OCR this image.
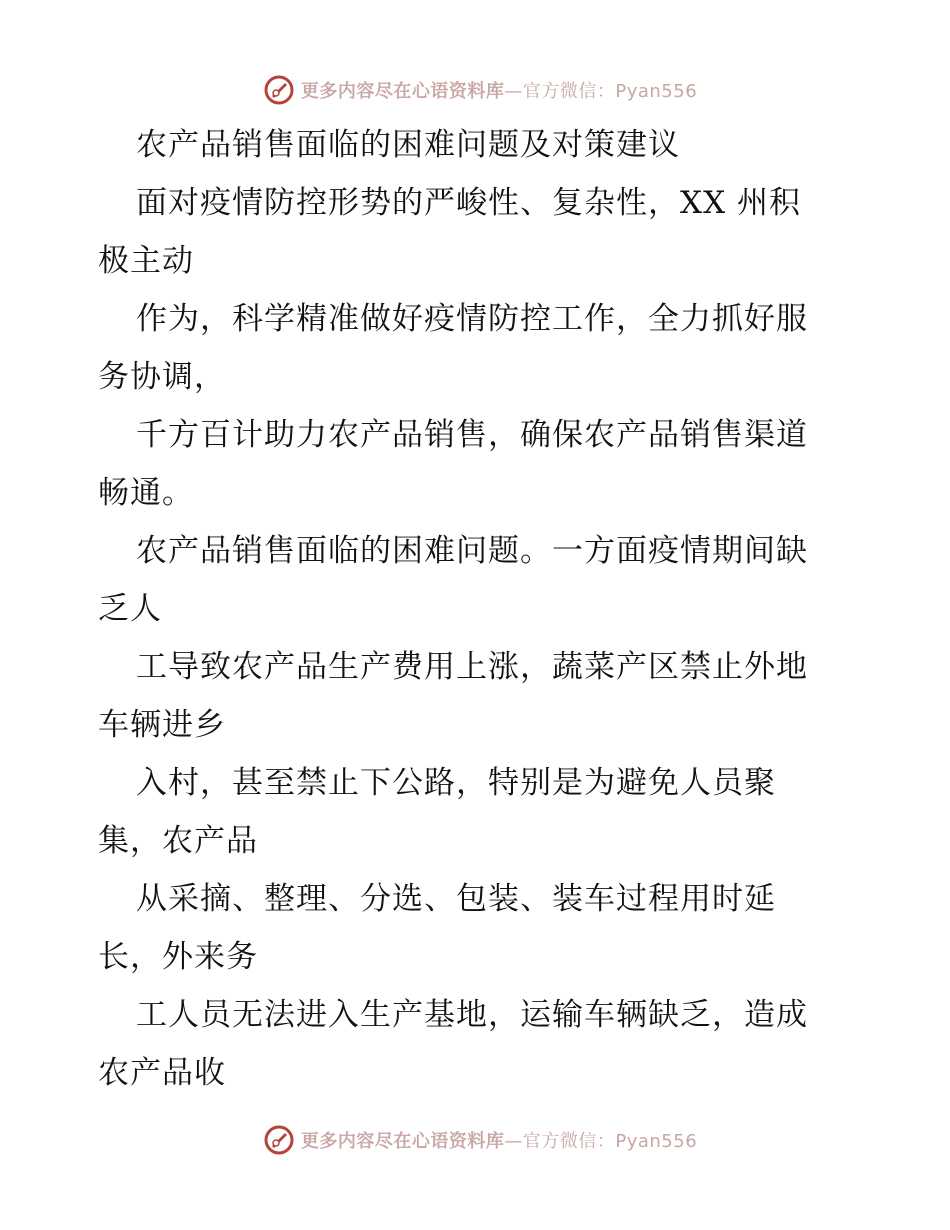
更多内容尽在心语资料库—官方微信：Pyan556
农产品销售面临的困难问题及对策建议
面对疫情防控形势的严峻性、复杂性，XX 州积
极主动
作为，科学精准做好疫情防控工作，全力抓好服
务协调，
千方百计助力农产品销售，确保农产品销售渠道
畅通。
农产品销售面临的困难问题。一方面疫情期间缺
乏人
工导致农产品生产费用上涨，蔬菜产区禁止外地
车辆进乡
入村，甚至禁止下公路，特别是为避免人员聚
集，农产品
从采摘、整理、分选、包装、装车过程用时延
长，外来务
工人员无法进入生产基地，运输车辆缺乏，造成
农产品收
更多内容尽在心语资料库—官方微信：Pyan556
